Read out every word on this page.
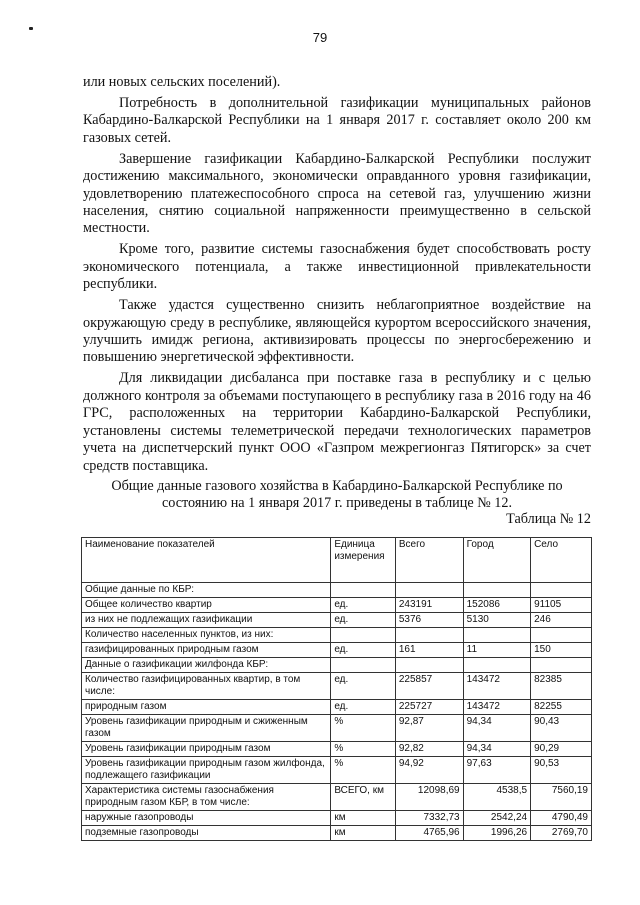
79

или новых сельских поселений).

Потребность в дополнительной газификации муниципальных районов Кабардино-Балкарской Республики на 1 января 2017 г. составляет около 200 км газовых сетей.

Завершение газификации Кабардино-Балкарской Республики послужит достижению максимального, экономически оправданного уровня газификации, удовлетворению платежеспособного спроса на сетевой газ, улучшению жизни населения, снятию социальной напряженности преимущественно в сельской местности.

Кроме того, развитие системы газоснабжения будет способствовать росту экономического потенциала, а также инвестиционной привлекательности республики.

Также удастся существенно снизить неблагоприятное воздействие на окружающую среду в республике, являющейся курортом всероссийского значения, улучшить имидж региона, активизировать процессы по энергосбережению и повышению энергетической эффективности.

Для ликвидации дисбаланса при поставке газа в республику и с целью должного контроля за объемами поступающего в республику газа в 2016 году на 46 ГРС, расположенных на территории Кабардино-Балкарской Республики, установлены системы телеметрической передачи технологических параметров учета на диспетчерский пункт ООО «Газпром межрегионгаз Пятигорск» за счет средств поставщика.

Общие данные газового хозяйства в Кабардино-Балкарской Республике по состоянию на 1 января 2017 г. приведены в таблице № 12.
Таблица № 12
Наименование показателей	Единица измерения	Всего	Город	Село
Общие данные по КБР:				
Общее количество квартир	ед.	243191	152086	91105
из них не подлежащих газификации	ед.	5376	5130	246
Количество населенных пунктов, из них:				
газифицированных природным газом	ед.	161	11	150
Данные о газификации жилфонда КБР:				
Количество газифицированных квартир, в том числе:	ед.	225857	143472	82385
природным газом	ед.	225727	143472	82255
Уровень газификации природным и сжиженным газом	%	92,87	94,34	90,43
Уровень газификации природным газом	%	92,82	94,34	90,29
Уровень газификации природным газом жилфонда, подлежащего газификации	%	94,92	97,63	90,53
Характеристика системы газоснабжения природным газом КБР, в том числе:	ВСЕГО, км	12098,69	4538,5	7560,19
наружные газопроводы	км	7332,73	2542,24	4790,49
подземные газопроводы	км	4765,96	1996,26	2769,70
